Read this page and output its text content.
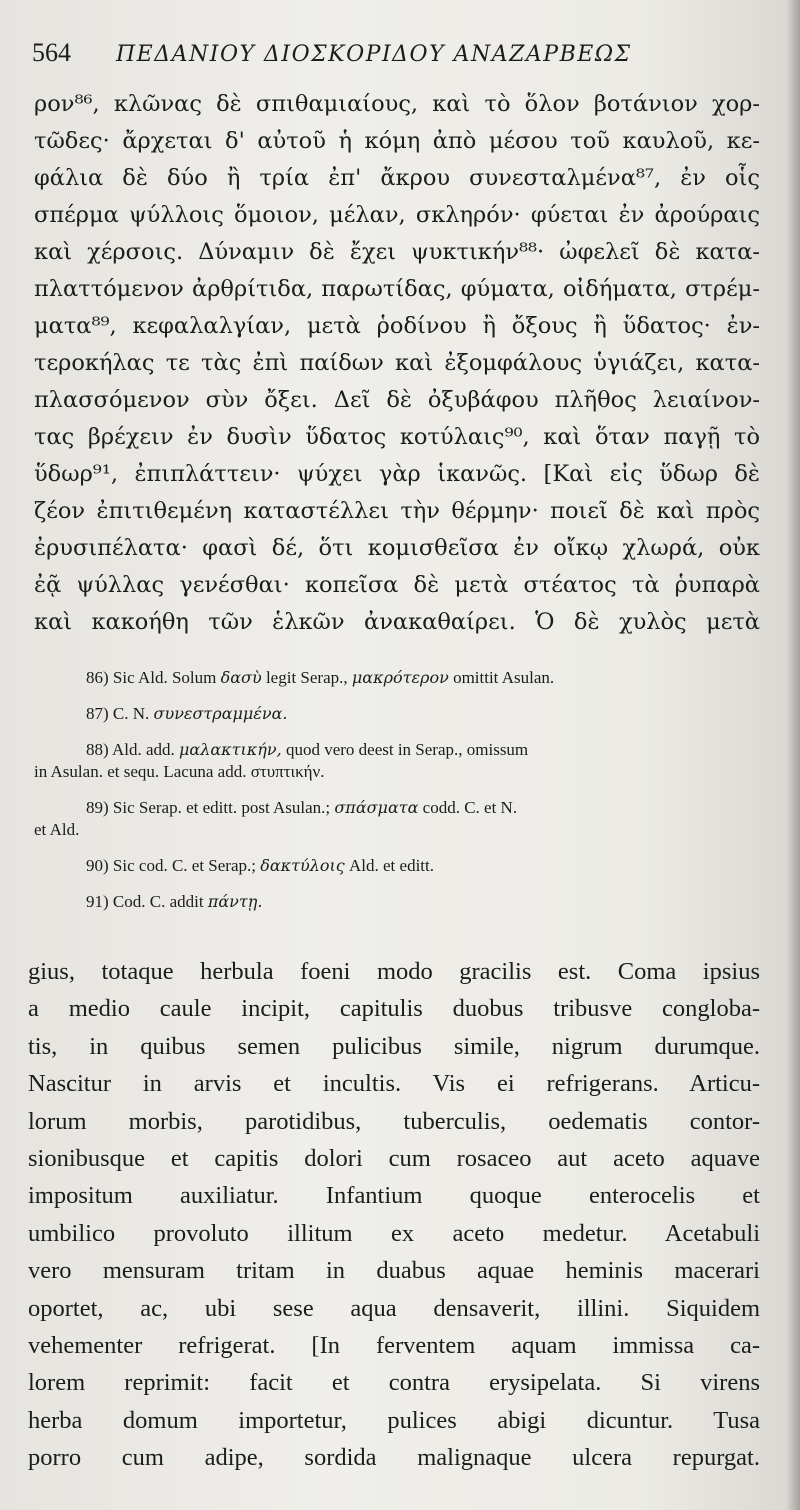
564	ΠΕΔΑΝΙΟΥ ΔΙΟΣΚΟΡΙΔΟΥ ΑΝΑΖΑΡΒΕΩΣ
ρον⁸⁶, κλῶνας δὲ σπιθαμιαίους, καὶ τὸ ὅλον βοτάνιον χορ-
τῶδες· ἄρχεται δ' αὐτοῦ ἡ κόμη ἀπὸ μέσου τοῦ καυλοῦ, κε-
φάλια δὲ δύο ἢ τρία ἐπ' ἄκρου συνεσταλμένα⁸⁷, ἐν οἷς
σπέρμα ψύλλοις ὅμοιον, μέλαν, σκληρόν· φύεται ἐν ἀρούραις
καὶ χέρσοις. Δύναμιν δὲ ἔχει ψυκτικήν⁸⁸· ὠφελεῖ δὲ κατα-
πλαττόμενον ἀρθρίτιδα, παρωτίδας, φύματα, οἰδήματα, στρέμ-
ματα⁸⁹, κεφαλαλγίαν, μετὰ ῥοδίνου ἢ ὄξους ἢ ὕδατος· ἐν-
τεροκήλας τε τὰς ἐπὶ παίδων καὶ ἐξομφάλους ὑγιάζει, κατα-
πλασσόμενον σὺν ὄξει. Δεῖ δὲ ὀξυβάφου πλῆθος λειαίνον-
τας βρέχειν ἐν δυσὶν ὕδατος κοτύλαις⁹⁰, καὶ ὅταν παγῇ τὸ
ὕδωρ⁹¹, ἐπιπλάττειν· ψύχει γὰρ ἱκανῶς. [Καὶ εἰς ὕδωρ δὲ
ζέον ἐπιτιθεμένη καταστέλλει τὴν θέρμην· ποιεῖ δὲ καὶ πρὸς
ἐρυσιπέλατα· φασὶ δέ, ὅτι κομισθεῖσα ἐν οἴκῳ χλωρά, οὐκ
ἐᾷ ψύλλας γενέσθαι· κοπεῖσα δὲ μετὰ στέατος τὰ ῥυπαρὰ
καὶ κακοήθη τῶν ἑλκῶν ἀνακαθαίρει. Ὁ δὲ χυλὸς μετὰ

86) Sic Ald. Solum δασὺ legit Serap., μακρότερον omittit Asulan.

87) C. N. συνεστραμμένα.

88) Ald. add. μαλακτικήν, quod vero deest in Serap., omissum
in Asulan. et sequ. Lacuna add. στυπτικήν.

89) Sic Serap. et editt. post Asulan.; σπάσματα codd. C. et N.
et Ald.

90) Sic cod. C. et Serap.; δακτύλοις Ald. et editt.

91) Cod. C. addit πάντῃ.

gius, totaque herbula foeni modo gracilis est. Coma ipsius
a medio caule incipit, capitulis duobus tribusve congloba-
tis, in quibus semen pulicibus simile, nigrum durumque.
Nascitur in arvis et incultis. Vis ei refrigerans. Articu-
lorum morbis, parotidibus, tuberculis, oedematis contor-
sionibusque et capitis dolori cum rosaceo aut aceto aquave
impositum auxiliatur. Infantium quoque enterocelis et
umbilico provoluto illitum ex aceto medetur. Acetabuli
vero mensuram tritam in duabus aquae heminis macerari
oportet, ac, ubi sese aqua densaverit, illini. Siquidem
vehementer refrigerat. [In ferventem aquam immissa ca-
lorem reprimit: facit et contra erysipelata. Si virens
herba domum importetur, pulices abigi dicuntur. Tusa
porro cum adipe, sordida malignaque ulcera repurgat.
